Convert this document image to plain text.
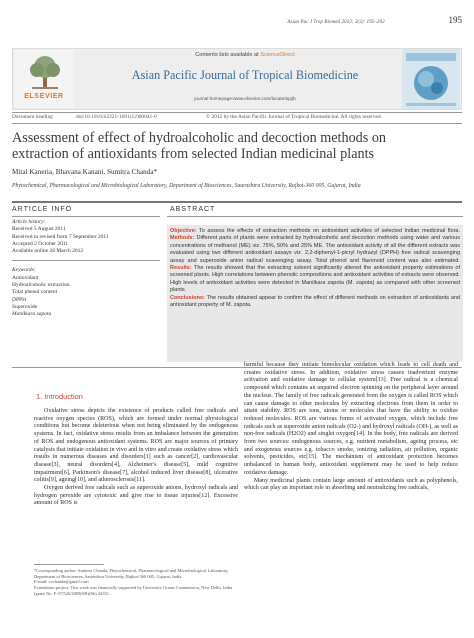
Asian Pac J Trop Biomed 2012; 2(3): 195–202	195
ELSEVIER
Contents lists available at ScienceDirect
Asian Pacific Journal of Tropical Biomedicine
journal homepage:www.elsevier.com/locate/apjtb
Document heading	doi:10.1016/S2221-1691(12)60041-0	© 2012 by the Asian Pacific Journal of Tropical Biomedicine. All rights reserved.
Assessment of effect of hydroalcoholic and decoction methods on
extraction of antioxidants from selected Indian medicinal plants
Mital Kaneria, Bhavana Kanani, Sumitra Chanda*
Phytochemical, Pharmacological and Microbiological Laboratory, Department of Biosciences, Saurashtra University, Rajkot-360 005, Gujarat, India
ARTICLE INFO	ABSTRACT
Article history:
Received 5 August 2011
Received in revised form 7 September 2011
Accepted 2 October 2011
Available online 28 March 2012
Keywords:
Antioxidant
Hydroalcoholic extraction
Total phenol content
DPPH
Superoxide
Manilkara zapota
Objective: To assess the effects of extraction methods on antioxidant activities of selected Indian medicinal flora. Methods: Different parts of plants were extracted by hydroalcoholic and decoction methods using water and various concentrations of methanol (ME) viz. 75%, 50% and 25% ME. The antioxidant activity of all the different extracts was evaluated using two different antioxidant assays viz. 2,2-diphenyl-1-picryl hydrazyl (DPPH) free radical scavenging assay and superoxide anion radical scavenging assay. Total phenol and flavonoid content was also estimated. Results: The results showed that the extracting solvent significantly altered the antioxidant property estimations of screened plants. High correlations between phenolic compositions and antioxidant activities of extracts were observed. High levels of antioxidant activities were detected in Manilkara zapota (M. zapota) as compared with other screened plants.
Conclusions: The results obtained appear to confirm the effect of different methods on extraction of antioxidants and antioxidant property of M. zapota.
1. Introduction

Oxidative stress depicts the existence of products called free radicals and reactive oxygen species (ROS), which are formed under normal physiological conditions but become deleterious when not being eliminated by the endogenous systems. In fact, oxidative stress results from an imbalance between the generation of ROS and endogenous antioxidant systems. ROS are major sources of primary catalysts that initiate oxidation in vivo and in vitro and create oxidative stress which results in numerous diseases and disorders[1] such as cancer[2], cardiovascular disease[3], neural disorders[4], Alzheimer's disease[5], mild cognitive impairment[6], Parkinson's disease[7], alcohol induced liver disease[8], ulcerative colitis[9], ageing[10], and atherosclerosis[11].

Oxygen derived free radicals such as superoxide anions, hydroxyl radicals and hydrogen peroxide are cytotoxic and give rise to tissue injuries[12]. Excessive amount of ROS is

harmful because they initiate bimolecular oxidation which leads to cell death and creates oxidative stress. In addition, oxidative stress causes inadvertent enzyme activation and oxidative damage to cellular system[13]. Free radical is a chemical compound which contains an unpaired electron spinning on the peripheral layer around the nucleus. The family of free radicals generated from the oxygen is called ROS which can cause damage to other molecules by extracting electrons from them in order to attain stability. ROS are ions, atoms or molecules that have the ability to oxidize reduced molecules. ROS are various forms of activated oxygen, which include free radicals such as superoxide anion radicals (O2-) and hydroxyl radicals (OH-), as well as non-free radicals (H2O2) and singlet oxygen[14]. In the body, free radicals are derived from two sources: endogenous sources, e.g. nutrient metabolism, ageing process, etc and exogenous sources e.g. tobacco smoke, ionizing radiation, air pollution, organic solvents, pesticides, etc[15]. The mechanism of antioxidant protection becomes unbalanced in human body, antioxidant supplement may be used to help reduce oxidative damage.

Many medicinal plants contain large amount of antioxidants such as polyphenols, which can play an important role in absorbing and neutralizing free radicals,

*Corresponding author: Sumitra Chanda, Phytochemical, Pharmacological and Microbiological Laboratory, Department of Biosciences, Saurashtra University, Rajkot-360 005, Gujarat, India.
E-mail: svchanda@gmail.com
Foundation project: This work was financially supported by University Grants Commission, New Delhi, India (grant No. F-37/526/2009(SR)(Sb) 42/01/...
